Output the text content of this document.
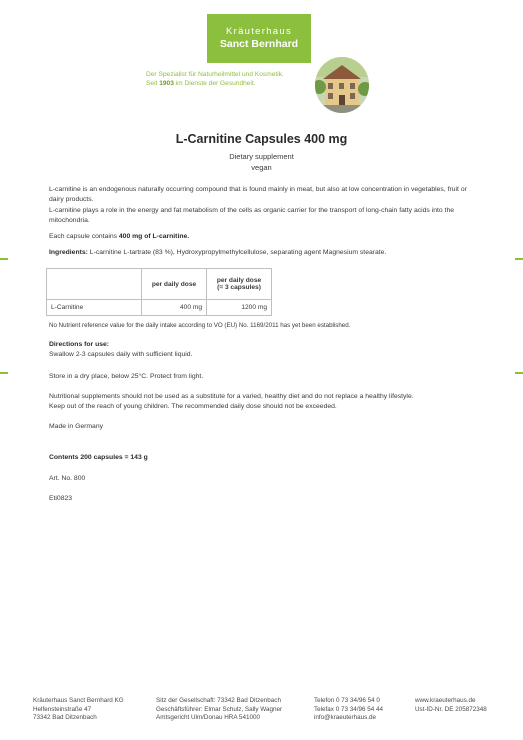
Kräuterhaus
Sanct Bernhard
Der Spezialist für Naturheilmittel und Kosmetik.
Seit 1903 im Dienste der Gesundheit.
L-Carnitine Capsules 400 mg
Dietary supplement
vegan
L-carnitine is an endogenous naturally occurring compound that is found mainly in meat, but also at low concentration in vegetables, fruit or dairy products.
L-carnitine plays a role in the energy and fat metabolism of the cells as organic carrier for the transport of long-chain fatty acids into the mitochondria.
Each capsule contains 400 mg of L-carnitine.
Ingredients: L-carnitine L-tartrate (83 %), Hydroxypropylmethylcellulose, separating agent Magnesium stearate.
	per daily dose	per daily dose
(= 3 capsules)

L-Carnitine	400 mg	1200 mg
No Nutrient reference value for the daily intake according to VO (EU) No. 1169/2011 has yet been established.
Directions for use:
Swallow 2-3 capsules daily with sufficient liquid.
Store in a dry place, below 25°C. Protect from light.
Nutritional supplements should not be used as a substitute for a varied, healthy diet and do not replace a healthy lifestyle.
Keep out of the reach of young children. The recommended daily dose should not be exceeded.
Made in Germany
Contents 200 capsules = 143 g
Art. No. 800
Eti0823
Kräuterhaus Sanct Bernhard KG
Helfensteinstraße 47
73342 Bad Ditzenbach
Sitz der Gesellschaft: 73342 Bad Ditzenbach
Geschäftsführer: Elmar Schulz, Sally Wagner
Amtsgericht Ulm/Donau HRA 541000
Telefon 0 73 34/96 54 0
Telefax 0 73 34/96 54 44
info@kraeuterhaus.de
www.kraeuterhaus.de
Ust-ID-Nr. DE 205872348
